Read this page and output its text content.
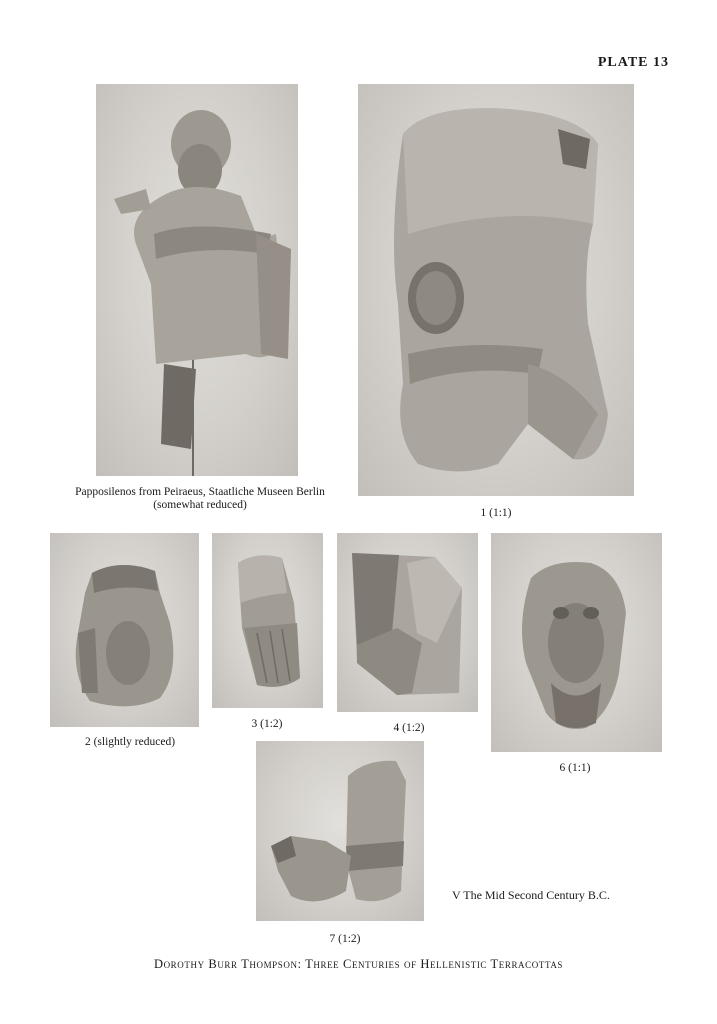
PLATE 13
Papposilenos from Peiraeus, Staatliche Museen Berlin
(somewhat reduced)
1 (1:1)
2 (slightly reduced)
3 (1:2)	4 (1:2)
6 (1:1)
7 (1:2)
V The Mid Second Century B.C.
Dorothy Burr Thompson: Three Centuries of Hellenistic Terracottas
